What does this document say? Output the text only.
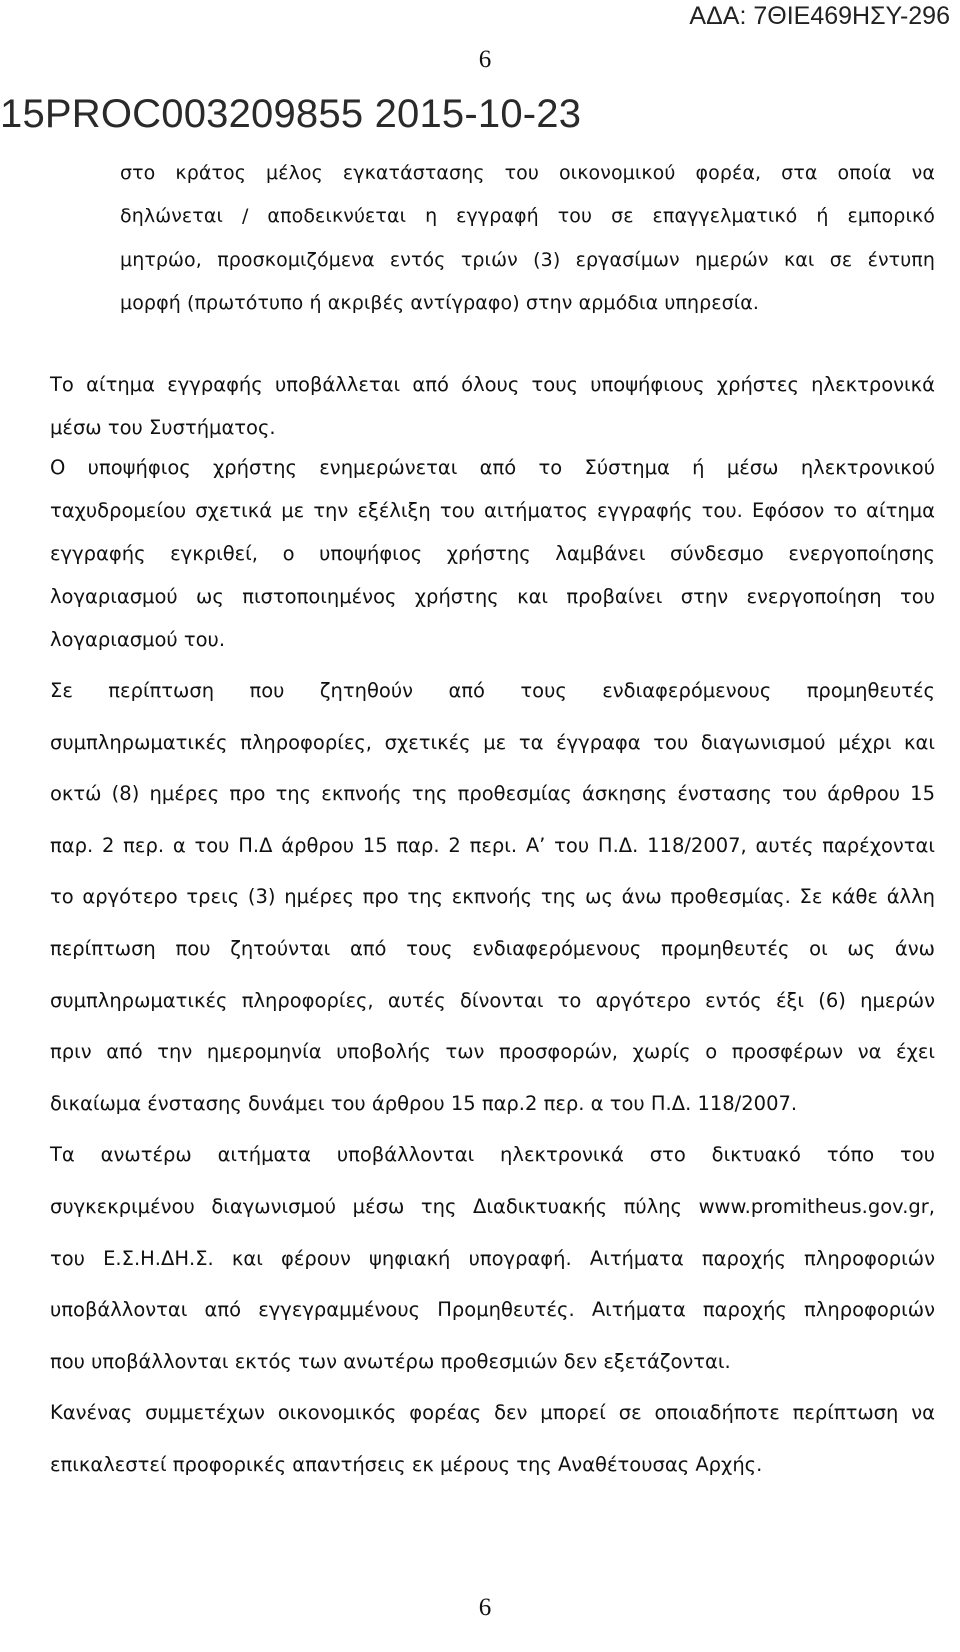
ΑΔΑ: 7ΘΙΕ469ΗΣΥ-296
6
15PROC003209855 2015-10-23
στο κράτος μέλος εγκατάστασης του οικονομικού φορέα, στα οποία να
δηλώνεται / αποδεικνύεται η εγγραφή του σε επαγγελματικό ή εμπορικό
μητρώο, προσκομιζόμενα εντός τριών (3) εργασίμων ημερών και σε έντυπη
μορφή (πρωτότυπο ή ακριβές αντίγραφο) στην αρμόδια υπηρεσία.
Το αίτημα εγγραφής υποβάλλεται από όλους τους υποψήφιους χρήστες ηλεκτρονικά
μέσω του Συστήματος.
Ο υποψήφιος χρήστης ενημερώνεται από το Σύστημα ή μέσω ηλεκτρονικού
ταχυδρομείου σχετικά με την εξέλιξη του αιτήματος εγγραφής του. Εφόσον το αίτημα
εγγραφής εγκριθεί, ο υποψήφιος χρήστης λαμβάνει σύνδεσμο ενεργοποίησης
λογαριασμού ως πιστοποιημένος χρήστης και προβαίνει στην ενεργοποίηση του
λογαριασμού του.
Σε περίπτωση που ζητηθούν από τους ενδιαφερόμενους προμηθευτές
συμπληρωματικές πληροφορίες, σχετικές με τα έγγραφα του διαγωνισμού μέχρι και
οκτώ (8) ημέρες προ της εκπνοής της προθεσμίας άσκησης ένστασης του άρθρου 15
παρ. 2 περ. α του Π.Δ άρθρου 15 παρ. 2 περι. Α’ του Π.Δ. 118/2007, αυτές παρέχονται
το αργότερο τρεις (3) ημέρες προ της εκπνοής της ως άνω προθεσμίας. Σε κάθε άλλη
περίπτωση που ζητούνται από τους ενδιαφερόμενους προμηθευτές οι ως άνω
συμπληρωματικές πληροφορίες, αυτές δίνονται το αργότερο εντός έξι (6) ημερών
πριν από την ημερομηνία υποβολής των προσφορών, χωρίς ο προσφέρων να έχει
δικαίωμα ένστασης δυνάμει του άρθρου 15 παρ.2 περ. α του Π.Δ. 118/2007.
Τα ανωτέρω αιτήματα υποβάλλονται ηλεκτρονικά στο δικτυακό τόπο του
συγκεκριμένου διαγωνισμού μέσω της Διαδικτυακής πύλης www.promitheus.gov.gr,
του Ε.Σ.Η.ΔΗ.Σ. και φέρουν ψηφιακή υπογραφή. Αιτήματα παροχής πληροφοριών
υποβάλλονται από εγγεγραμμένους Προμηθευτές. Αιτήματα παροχής πληροφοριών
που υποβάλλονται εκτός των ανωτέρω προθεσμιών δεν εξετάζονται.
Κανένας συμμετέχων οικονομικός φορέας δεν μπορεί σε οποιαδήποτε περίπτωση να
επικαλεστεί προφορικές απαντήσεις εκ μέρους της Αναθέτουσας Αρχής.
6
